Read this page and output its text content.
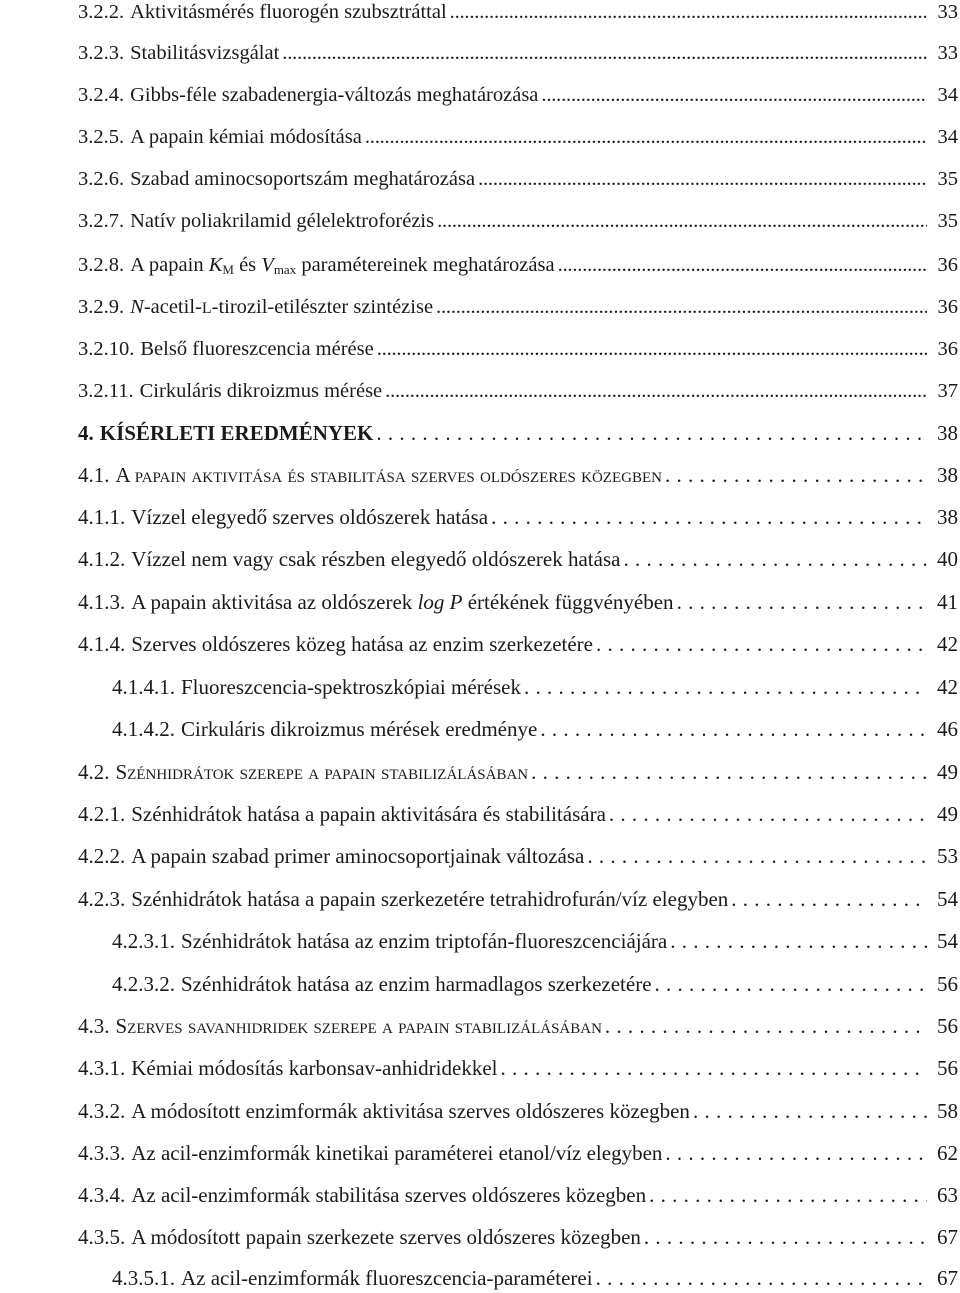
3.2.2. Aktivitásmérés fluorogén szubsztráttal .....	33
3.2.3. Stabilitásvizsgálat .....	33
3.2.4. Gibbs-féle szabadenergia-változás meghatározása .....	34
3.2.5. A papain kémiai módosítása .....	34
3.2.6. Szabad aminocsoportszám meghatározása .....	35
3.2.7. Natív poliakrilamid gélelektroforézis .....	35
3.2.8. A papain $K_M$ és $V_{max}$ paramétereinek meghatározása .....	36
3.2.9. N-acetil-L-tirozil-etilészter szintézise .....	36
3.2.10. Belső fluoreszcencia mérése .....	36
3.2.11. Cirkuláris dikroizmus mérése .....	37
4. KÍSÉRLETI EREDMÉNYEK . . .	38
4.1. A papain aktivitása és stabilitása szerves oldószeres közegben . . .	38
4.1.1. Vízzel elegyedő szerves oldószerek hatása . . .	38
4.1.2. Vízzel nem vagy csak részben elegyedő oldószerek hatása . . .	40
4.1.3. A papain aktivitása az oldószerek log P értékének függvényében . . .	41
4.1.4. Szerves oldószeres közeg hatása az enzim szerkezetére . . .	42
4.1.4.1. Fluoreszcencia-spektroszkópiai mérések . . .	42
4.1.4.2. Cirkuláris dikroizmus mérések eredménye . . .	46
4.2. Szénhidrátok szerepe a papain stabilizálásában . . .	49
4.2.1. Szénhidrátok hatása a papain aktivitására és stabilitására . . .	49
4.2.2. A papain szabad primer aminocsoportjainak változása . . .	53
4.2.3. Szénhidrátok hatása a papain szerkezetére tetrahidrofurán/víz elegyben . . .	54
4.2.3.1. Szénhidrátok hatása az enzim triptofán-fluoreszcenciájára . . .	54
4.2.3.2. Szénhidrátok hatása az enzim harmadlagos szerkezetére . . .	56
4.3. Szerves savanhidridek szerepe a papain stabilizálásában . . .	56
4.3.1. Kémiai módosítás karbonsav-anhidridekkel . . .	56
4.3.2. A módosított enzimformák aktivitása szerves oldószeres közegben . . .	58
4.3.3. Az acil-enzimformák kinetikai paraméterei etanol/víz elegyben . . .	62
4.3.4. Az acil-enzimformák stabilitása szerves oldószeres közegben . . .	63
4.3.5. A módosított papain szerkezete szerves oldószeres közegben . . .	67
4.3.5.1. Az acil-enzimformák fluoreszcencia-paraméterei . . .	67
